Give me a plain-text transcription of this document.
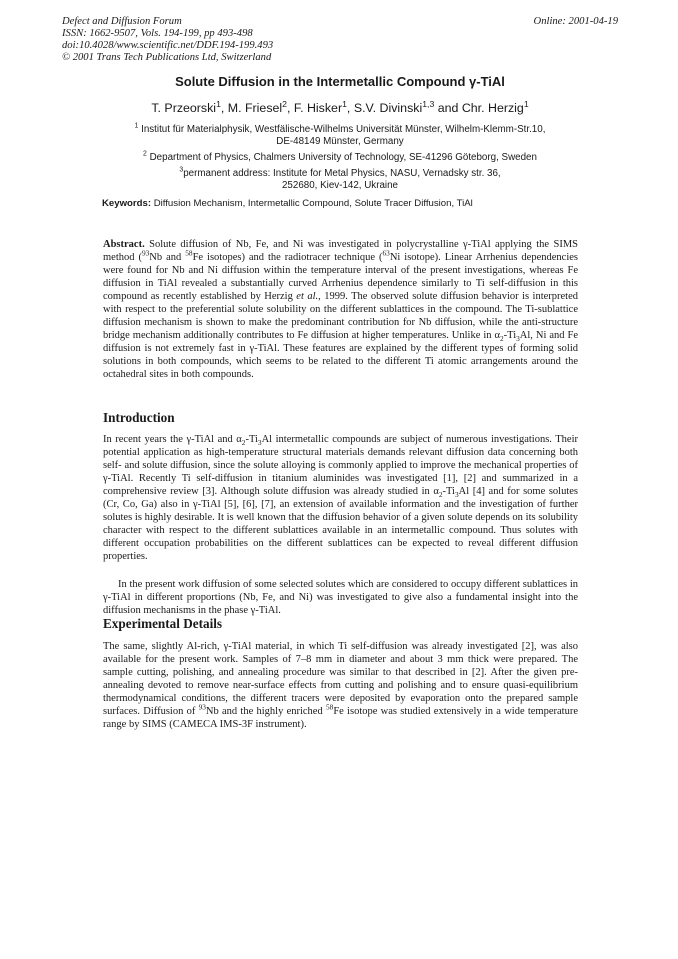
Defect and Diffusion Forum
ISSN: 1662-9507, Vols. 194-199, pp 493-498
doi:10.4028/www.scientific.net/DDF.194-199.493
© 2001 Trans Tech Publications Ltd, Switzerland
Online: 2001-04-19
Solute Diffusion in the Intermetallic Compound γ-TiAl
T. Przeorski$^1$, M. Friesel$^2$, F. Hisker$^1$, S.V. Divinski$^{1,3}$ and Chr. Herzig$^1$
$^1$ Institut für Materialphysik, Westfälische-Wilhelms Universität Münster, Wilhelm-Klemm-Str.10,
DE-48149 Münster, Germany
$^2$ Department of Physics, Chalmers University of Technology, SE-41296 Göteborg, Sweden
$^3$permanent address: Institute for Metal Physics, NASU, Vernadsky str. 36,
252680, Kiev-142, Ukraine
Keywords: Diffusion Mechanism, Intermetallic Compound, Solute Tracer Diffusion, TiAl
Abstract. Solute diffusion of Nb, Fe, and Ni was investigated in polycrystalline γ-TiAl applying the SIMS method ($^{93}$Nb and $^{58}$Fe isotopes) and the radiotracer technique ($^{63}$Ni isotope). Linear Arrhenius dependencies were found for Nb and Ni diffusion within the temperature interval of the present investigations, whereas Fe diffusion in TiAl revealed a substantially curved Arrhenius dependence similarly to Ti self-diffusion in this compound as recently established by Herzig et al., 1999. The observed solute diffusion behavior is interpreted with respect to the preferential solute solubility on the different sublattices in the compound. The Ti-sublattice diffusion mechanism is shown to make the predominant contribution for Nb diffusion, while the anti-structure bridge mechanism additionally contributes to Fe diffusion at higher temperatures. Unlike in $\alpha_2-Ti_3Al$, Ni and Fe diffusion is not extremely fast in γ-TiAl. These features are explained by the different types of forming solid solutions in both compounds, which seems to be related to the different Ti atomic arrangements around the octahedral sites in both compounds.
Introduction
In recent years the γ-TiAl and $\alpha_2-Ti_3Al$ intermetallic compounds are subject of numerous investigations. Their potential application as high-temperature structural materials demands relevant diffusion data concerning both self- and solute diffusion, since the solute alloying is commonly applied to improve the mechanical properties of γ-TiAl. Recently Ti self-diffusion in titanium aluminides was investigated [1], [2] and summarized in a comprehensive review [3]. Although solute diffusion was already studied in $\alpha_2-Ti_3Al$ [4] and for some solutes (Cr, Co, Ga) also in γ-TiAl [5], [6], [7], an extension of available information and the investigation of further solutes is highly desirable. It is well known that the diffusion behavior of a given solute depends on its solubility character with respect to the different sublattices available in an intermetallic compound. Thus solutes with different occupation probabilities on the different sublattices can be expected to reveal different diffusion properties.
In the present work diffusion of some selected solutes which are considered to occupy different sublattices in γ-TiAl in different proportions (Nb, Fe, and Ni) was investigated to give also a fundamental insight into the diffusion mechanisms in the phase γ-TiAl.
Experimental Details
The same, slightly Al-rich, γ-TiAl material, in which Ti self-diffusion was already investigated [2], was also available for the present work. Samples of 7–8 mm in diameter and about 3 mm thick were prepared. The sample cutting, polishing, and annealing procedure was similar to that described in [2]. After the given pre-annealing devoted to remove near-surface effects from cutting and polishing and to ensure quasi-equilibrium thermodynamical conditions, the different tracers were deposited by evaporation onto the prepared sample surfaces. Diffusion of $^{93}$Nb and the highly enriched $^{58}$Fe isotope was studied extensively in a wide temperature range by SIMS (CAMECA IMS-3F instrument).
